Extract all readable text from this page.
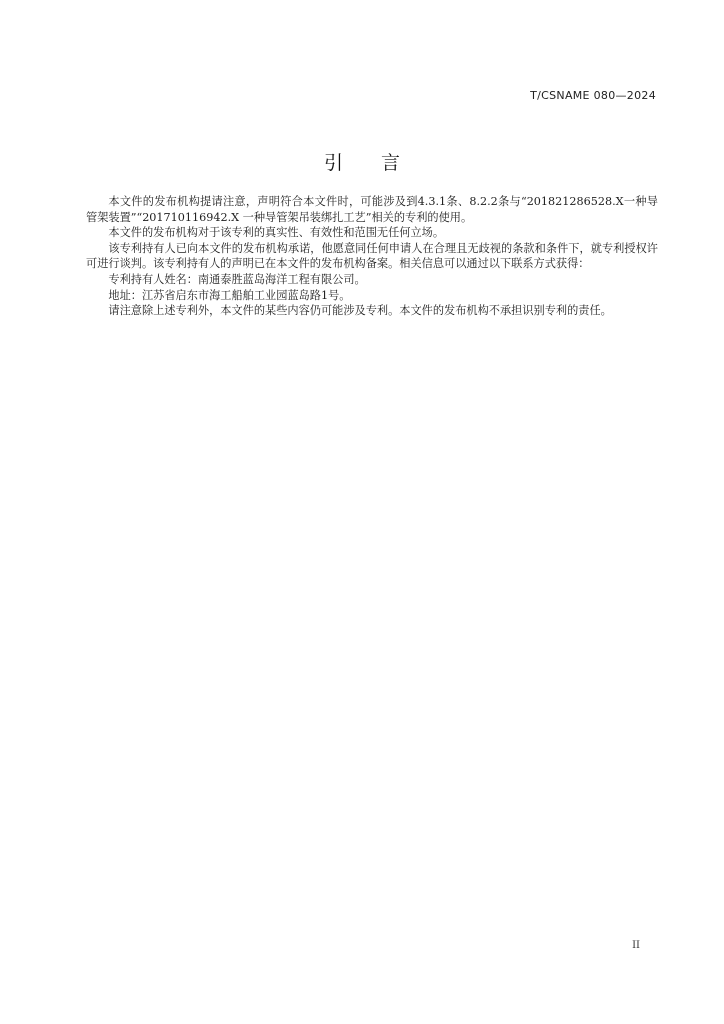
T/CSNAME 080—2024
引言

本文件的发布机构提请注意，声明符合本文件时，可能涉及到4.3.1条、8.2.2条与“201821286528.X一种导管架装置”“201710116942.X 一种导管架吊装绑扎工艺”相关的专利的使用。

本文件的发布机构对于该专利的真实性、有效性和范围无任何立场。

该专利持有人已向本文件的发布机构承诺，他愿意同任何申请人在合理且无歧视的条款和条件下，就专利授权许可进行谈判。该专利持有人的声明已在本文件的发布机构备案。相关信息可以通过以下联系方式获得：

专利持有人姓名：南通泰胜蓝岛海洋工程有限公司。

地址：江苏省启东市海工船舶工业园蓝岛路1号。

请注意除上述专利外，本文件的某些内容仍可能涉及专利。本文件的发布机构不承担识别专利的责任。

II
